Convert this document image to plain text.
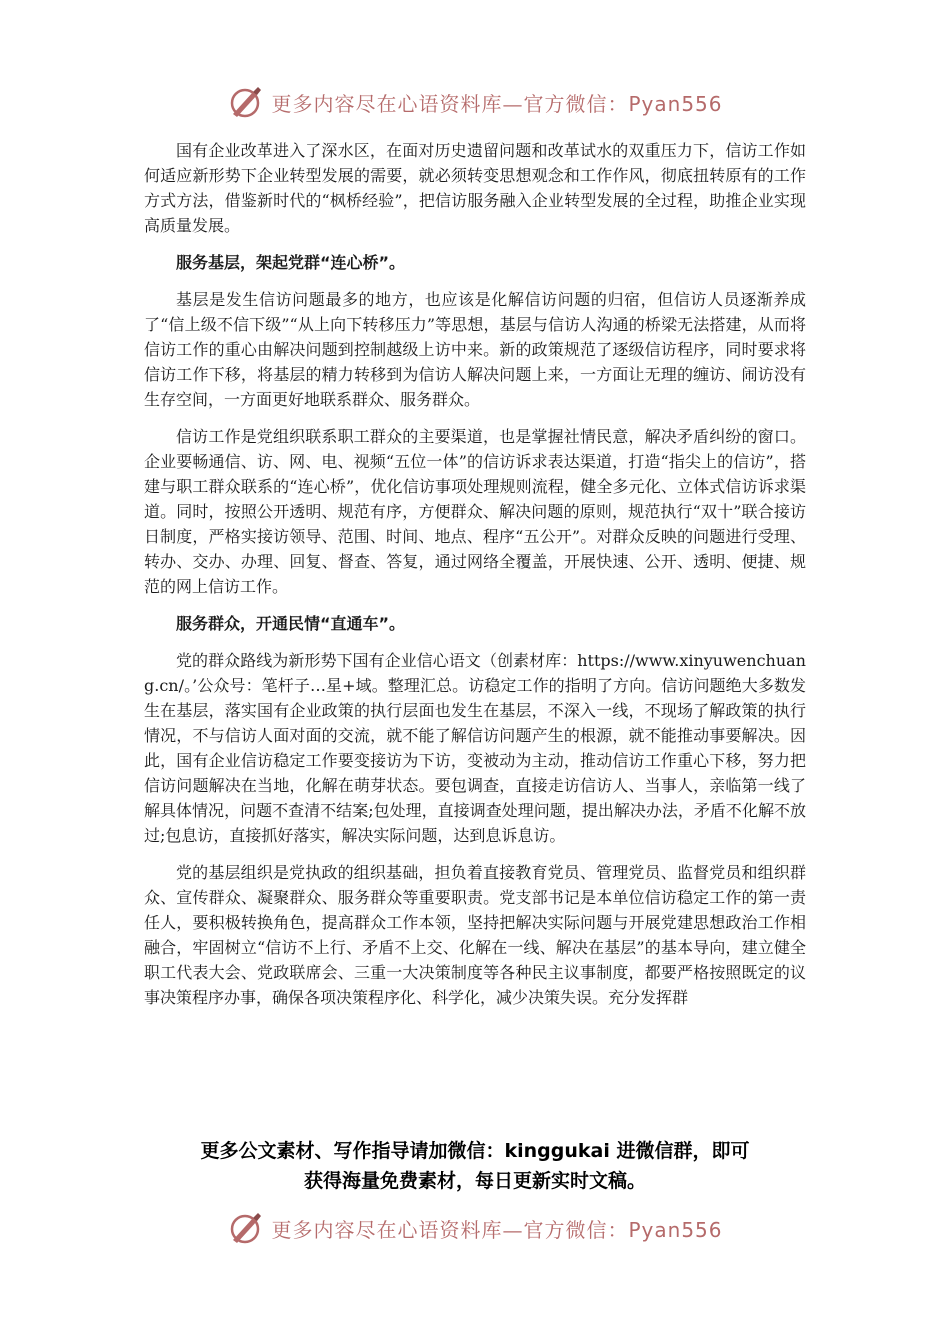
更多内容尽在心语资料库—官方微信：Pyan556

国有企业改革进入了深水区，在面对历史遗留问题和改革试水的双重压力下，信访工作如何适应新形势下企业转型发展的需要，就必须转变思想观念和工作作风，彻底扭转原有的工作方式方法，借鉴新时代的“枫桥经验”，把信访服务融入企业转型发展的全过程，助推企业实现高质量发展。

服务基层，架起党群“连心桥”。

基层是发生信访问题最多的地方，也应该是化解信访问题的归宿，但信访人员逐渐养成了“信上级不信下级”“从上向下转移压力”等思想，基层与信访人沟通的桥梁无法搭建，从而将信访工作的重心由解决问题到控制越级上访中来。新的政策规范了逐级信访程序，同时要求将信访工作下移，将基层的精力转移到为信访人解决问题上来，一方面让无理的缠访、闹访没有生存空间，一方面更好地联系群众、服务群众。

信访工作是党组织联系职工群众的主要渠道，也是掌握社情民意，解决矛盾纠纷的窗口。企业要畅通信、访、网、电、视频“五位一体”的信访诉求表达渠道，打造“指尖上的信访”，搭建与职工群众联系的“连心桥”，优化信访事项处理规则流程，健全多元化、立体式信访诉求渠道。同时，按照公开透明、规范有序，方便群众、解决问题的原则，规范执行“双十”联合接访日制度，严格实接访领导、范围、时间、地点、程序“五公开”。对群众反映的问题进行受理、转办、交办、办理、回复、督查、答复，通过网络全覆盖，开展快速、公开、透明、便捷、规范的网上信访工作。

服务群众，开通民情“直通车”。

党的群众路线为新形势下国有企业信心语文（创素材库：https://www.xinyuwenchuang.cn/。’公众号：笔杆子…星+域。整理汇总。访稳定工作的指明了方向。信访问题绝大多数发生在基层，落实国有企业政策的执行层面也发生在基层，不深入一线，不现场了解政策的执行情况，不与信访人面对面的交流，就不能了解信访问题产生的根源，就不能推动事要解决。因此，国有企业信访稳定工作要变接访为下访，变被动为主动，推动信访工作重心下移，努力把信访问题解决在当地，化解在萌芽状态。要包调查，直接走访信访人、当事人，亲临第一线了解具体情况，问题不查清不结案;包处理，直接调查处理问题，提出解决办法，矛盾不化解不放过;包息访，直接抓好落实，解决实际问题，达到息诉息访。

党的基层组织是党执政的组织基础，担负着直接教育党员、管理党员、监督党员和组织群众、宣传群众、凝聚群众、服务群众等重要职责。党支部书记是本单位信访稳定工作的第一责任人，要积极转换角色，提高群众工作本领，坚持把解决实际问题与开展党建思想政治工作相融合，牢固树立“信访不上行、矛盾不上交、化解在一线、解决在基层”的基本导向，建立健全职工代表大会、党政联席会、三重一大决策制度等各种民主议事制度，都要严格按照既定的议事决策程序办事，确保各项决策程序化、科学化，减少决策失误。充分发挥群

更多公文素材、写作指导请加微信：kinggukai 进微信群，即可
获得海量免费素材，每日更新实时文稿。
更多内容尽在心语资料库—官方微信：Pyan556
